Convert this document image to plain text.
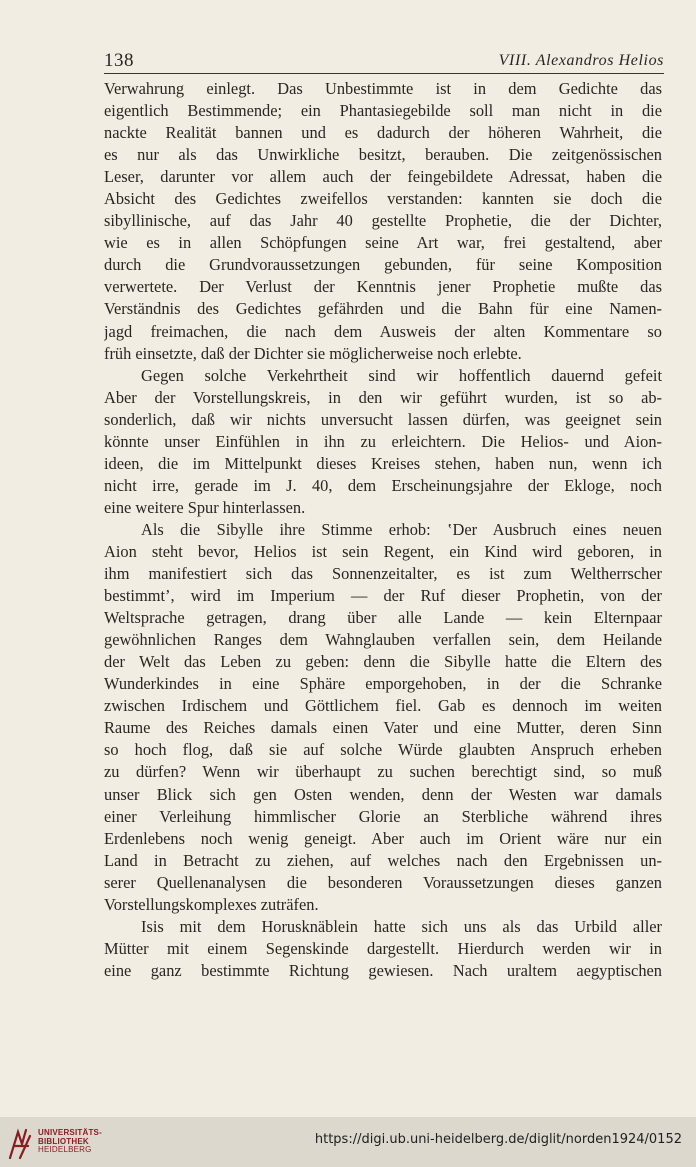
138	VIII. Alexandros Helios
Verwahrung einlegt. Das Unbestimmte ist in dem Gedichte das
eigentlich Bestimmende; ein Phantasiegebilde soll man nicht in die
nackte Realität bannen und es dadurch der höheren Wahrheit, die
es nur als das Unwirkliche besitzt, berauben. Die zeitgenössischen
Leser, darunter vor allem auch der feingebildete Adressat, haben die
Absicht des Gedichtes zweifellos verstanden: kannten sie doch die
sibyllinische, auf das Jahr 40 gestellte Prophetie, die der Dichter,
wie es in allen Schöpfungen seine Art war, frei gestaltend, aber
durch die Grundvoraussetzungen gebunden, für seine Komposition
verwertete. Der Verlust der Kenntnis jener Prophetie mußte das
Verständnis des Gedichtes gefährden und die Bahn für eine Namen-
jagd freimachen, die nach dem Ausweis der alten Kommentare so
früh einsetzte, daß der Dichter sie möglicherweise noch erlebte.
Gegen solche Verkehrtheit sind wir hoffentlich dauernd gefeit
Aber der Vorstellungskreis, in den wir geführt wurden, ist so ab-
sonderlich, daß wir nichts unversucht lassen dürfen, was geeignet sein
könnte unser Einfühlen in ihn zu erleichtern. Die Helios- und Aion-
ideen, die im Mittelpunkt dieses Kreises stehen, haben nun, wenn ich
nicht irre, gerade im J. 40, dem Erscheinungsjahre der Ekloge, noch
eine weitere Spur hinterlassen.
Als die Sibylle ihre Stimme erhob: ‛Der Ausbruch eines neuen
Aion steht bevor, Helios ist sein Regent, ein Kind wird geboren, in
ihm manifestiert sich das Sonnenzeitalter, es ist zum Weltherrscher
bestimmt’, wird im Imperium — der Ruf dieser Prophetin, von der
Weltsprache getragen, drang über alle Lande — kein Elternpaar
gewöhnlichen Ranges dem Wahnglauben verfallen sein, dem Heilande
der Welt das Leben zu geben: denn die Sibylle hatte die Eltern des
Wunderkindes in eine Sphäre emporgehoben, in der die Schranke
zwischen Irdischem und Göttlichem fiel. Gab es dennoch im weiten
Raume des Reiches damals einen Vater und eine Mutter, deren Sinn
so hoch flog, daß sie auf solche Würde glaubten Anspruch erheben
zu dürfen? Wenn wir überhaupt zu suchen berechtigt sind, so muß
unser Blick sich gen Osten wenden, denn der Westen war damals
einer Verleihung himmlischer Glorie an Sterbliche während ihres
Erdenlebens noch wenig geneigt. Aber auch im Orient wäre nur ein
Land in Betracht zu ziehen, auf welches nach den Ergebnissen un-
serer Quellenanalysen die besonderen Voraussetzungen dieses ganzen
Vorstellungskomplexes zuträfen.
Isis mit dem Horusknäblein hatte sich uns als das Urbild aller
Mütter mit einem Segenskinde dargestellt. Hierdurch werden wir in
eine ganz bestimmte Richtung gewiesen. Nach uraltem aegyptischen
UNIVERSITÄTS-
BIBLIOTHEK
HEIDELBERG
https://digi.ub.uni-heidelberg.de/diglit/norden1924/0152
